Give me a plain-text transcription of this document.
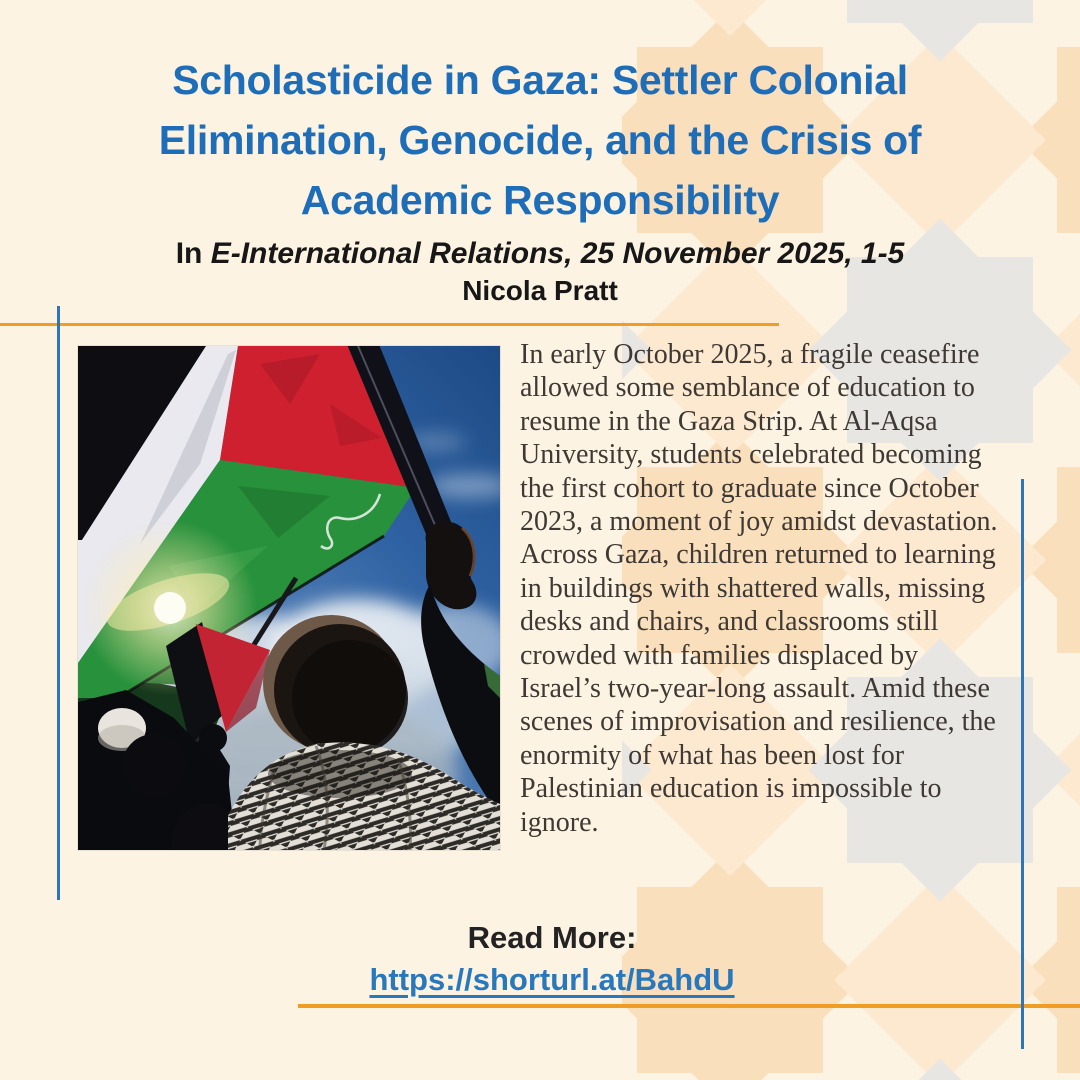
Scholasticide in Gaza: Settler Colonial
Elimination, Genocide, and the Crisis of
Academic Responsibility
In E-International Relations, 25 November 2025, 1-5
Nicola Pratt
In early October 2025, a fragile ceasefire allowed some semblance of education to resume in the Gaza Strip. At Al-Aqsa University, students celebrated becoming the first cohort to graduate since October 2023, a moment of joy amidst devastation. Across Gaza, children returned to learning in buildings with shattered walls, missing desks and chairs, and classrooms still crowded with families displaced by Israel’s two-year-long assault. Amid these scenes of improvisation and resilience, the enormity of what has been lost for Palestinian education is impossible to ignore.
Read More:
https://shorturl.at/BahdU
